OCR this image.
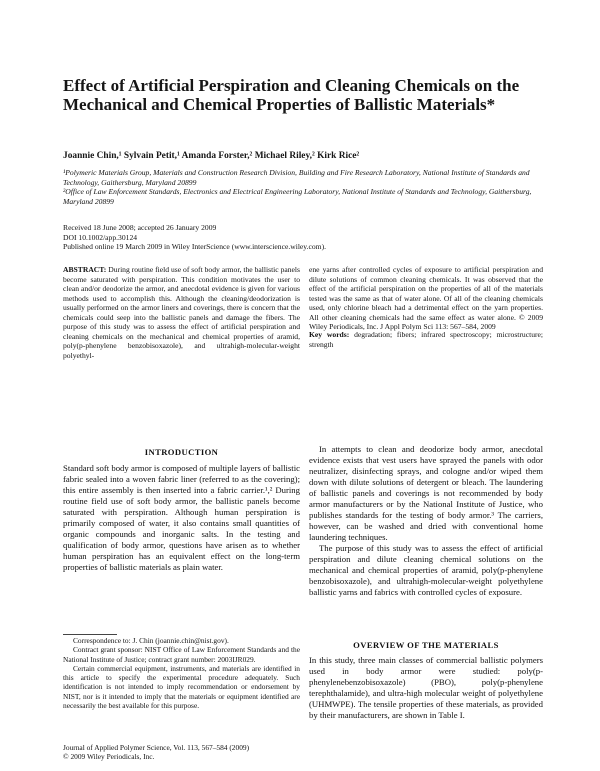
Effect of Artificial Perspiration and Cleaning Chemicals on the Mechanical and Chemical Properties of Ballistic Materials*
Joannie Chin,¹ Sylvain Petit,¹ Amanda Forster,² Michael Riley,² Kirk Rice²

¹Polymeric Materials Group, Materials and Construction Research Division, Building and Fire Research Laboratory, National Institute of Standards and Technology, Gaithersburg, Maryland 20899

²Office of Law Enforcement Standards, Electronics and Electrical Engineering Laboratory, National Institute of Standards and Technology, Gaithersburg, Maryland 20899

Received 18 June 2008; accepted 26 January 2009

DOI 10.1002/app.30124

Published online 19 March 2009 in Wiley InterScience (www.interscience.wiley.com).

ABSTRACT: During routine field use of soft body armor, the ballistic panels become saturated with perspiration. This condition motivates the user to clean and/or deodorize the armor, and anecdotal evidence is given for various methods used to accomplish this. Although the cleaning/deodorization is usually performed on the armor liners and coverings, there is concern that the chemicals could seep into the ballistic panels and damage the fibers. The purpose of this study was to assess the effect of artificial perspiration and cleaning chemicals on the mechanical and chemical properties of aramid, poly(p-phenylene benzobisoxazole), and ultrahigh-molecular-weight polyethyl-
ene yarns after controlled cycles of exposure to artificial perspiration and dilute solutions of common cleaning chemicals. It was observed that the effect of the artificial perspiration on the properties of all of the materials tested was the same as that of water alone. Of all of the cleaning chemicals used, only chlorine bleach had a detrimental effect on the yarn properties. All other cleaning chemicals had the same effect as water alone. © 2009 Wiley Periodicals, Inc. J Appl Polym Sci 113: 567–584, 2009
Key words: degradation; fibers; infrared spectroscopy; microstructure; strength
INTRODUCTION
Standard soft body armor is composed of multiple layers of ballistic fabric sealed into a woven fabric liner (referred to as the covering); this entire assembly is then inserted into a fabric carrier.¹,² During routine field use of soft body armor, the ballistic panels become saturated with perspiration. Although human perspiration is primarily composed of water, it also contains small quantities of organic compounds and inorganic salts. In the testing and qualification of body armor, questions have arisen as to whether human perspiration has an equivalent effect on the long-term properties of ballistic materials as plain water.

In attempts to clean and deodorize body armor, anecdotal evidence exists that vest users have sprayed the panels with odor neutralizer, disinfecting sprays, and cologne and/or wiped them down with dilute solutions of detergent or bleach. The laundering of ballistic panels and coverings is not recommended by body armor manufacturers or by the National Institute of Justice, who publishes standards for the testing of body armor.³ The carriers, however, can be washed and dried with conventional home laundering techniques.

The purpose of this study was to assess the effect of artificial perspiration and dilute cleaning chemical solutions on the mechanical and chemical properties of aramid, poly(p-phenylene benzobisoxazole), and ultrahigh-molecular-weight polyethylene ballistic yarns and fabrics with controlled cycles of exposure.

OVERVIEW OF THE MATERIALS
In this study, three main classes of commercial ballistic polymers used in body armor were studied: poly(p-phenylenebenzobisoxazole) (PBO), poly(p-phenylene terephthalamide), and ultra-high molecular weight of polyethylene (UHMWPE). The tensile properties of these materials, as provided by their manufacturers, are shown in Table I.

Correspondence to: J. Chin (joannie.chin@nist.gov).

Contract grant sponsor: NIST Office of Law Enforcement Standards and the National Institute of Justice; contract grant number: 2003IJR029.

Certain commercial equipment, instruments, and materials are identified in this article to specify the experimental procedure adequately. Such identification is not intended to imply recommendation or endorsement by NIST, nor is it intended to imply that the materials or equipment identified are necessarily the best available for this purpose.

Journal of Applied Polymer Science, Vol. 113, 567–584 (2009)

© 2009 Wiley Periodicals, Inc.
